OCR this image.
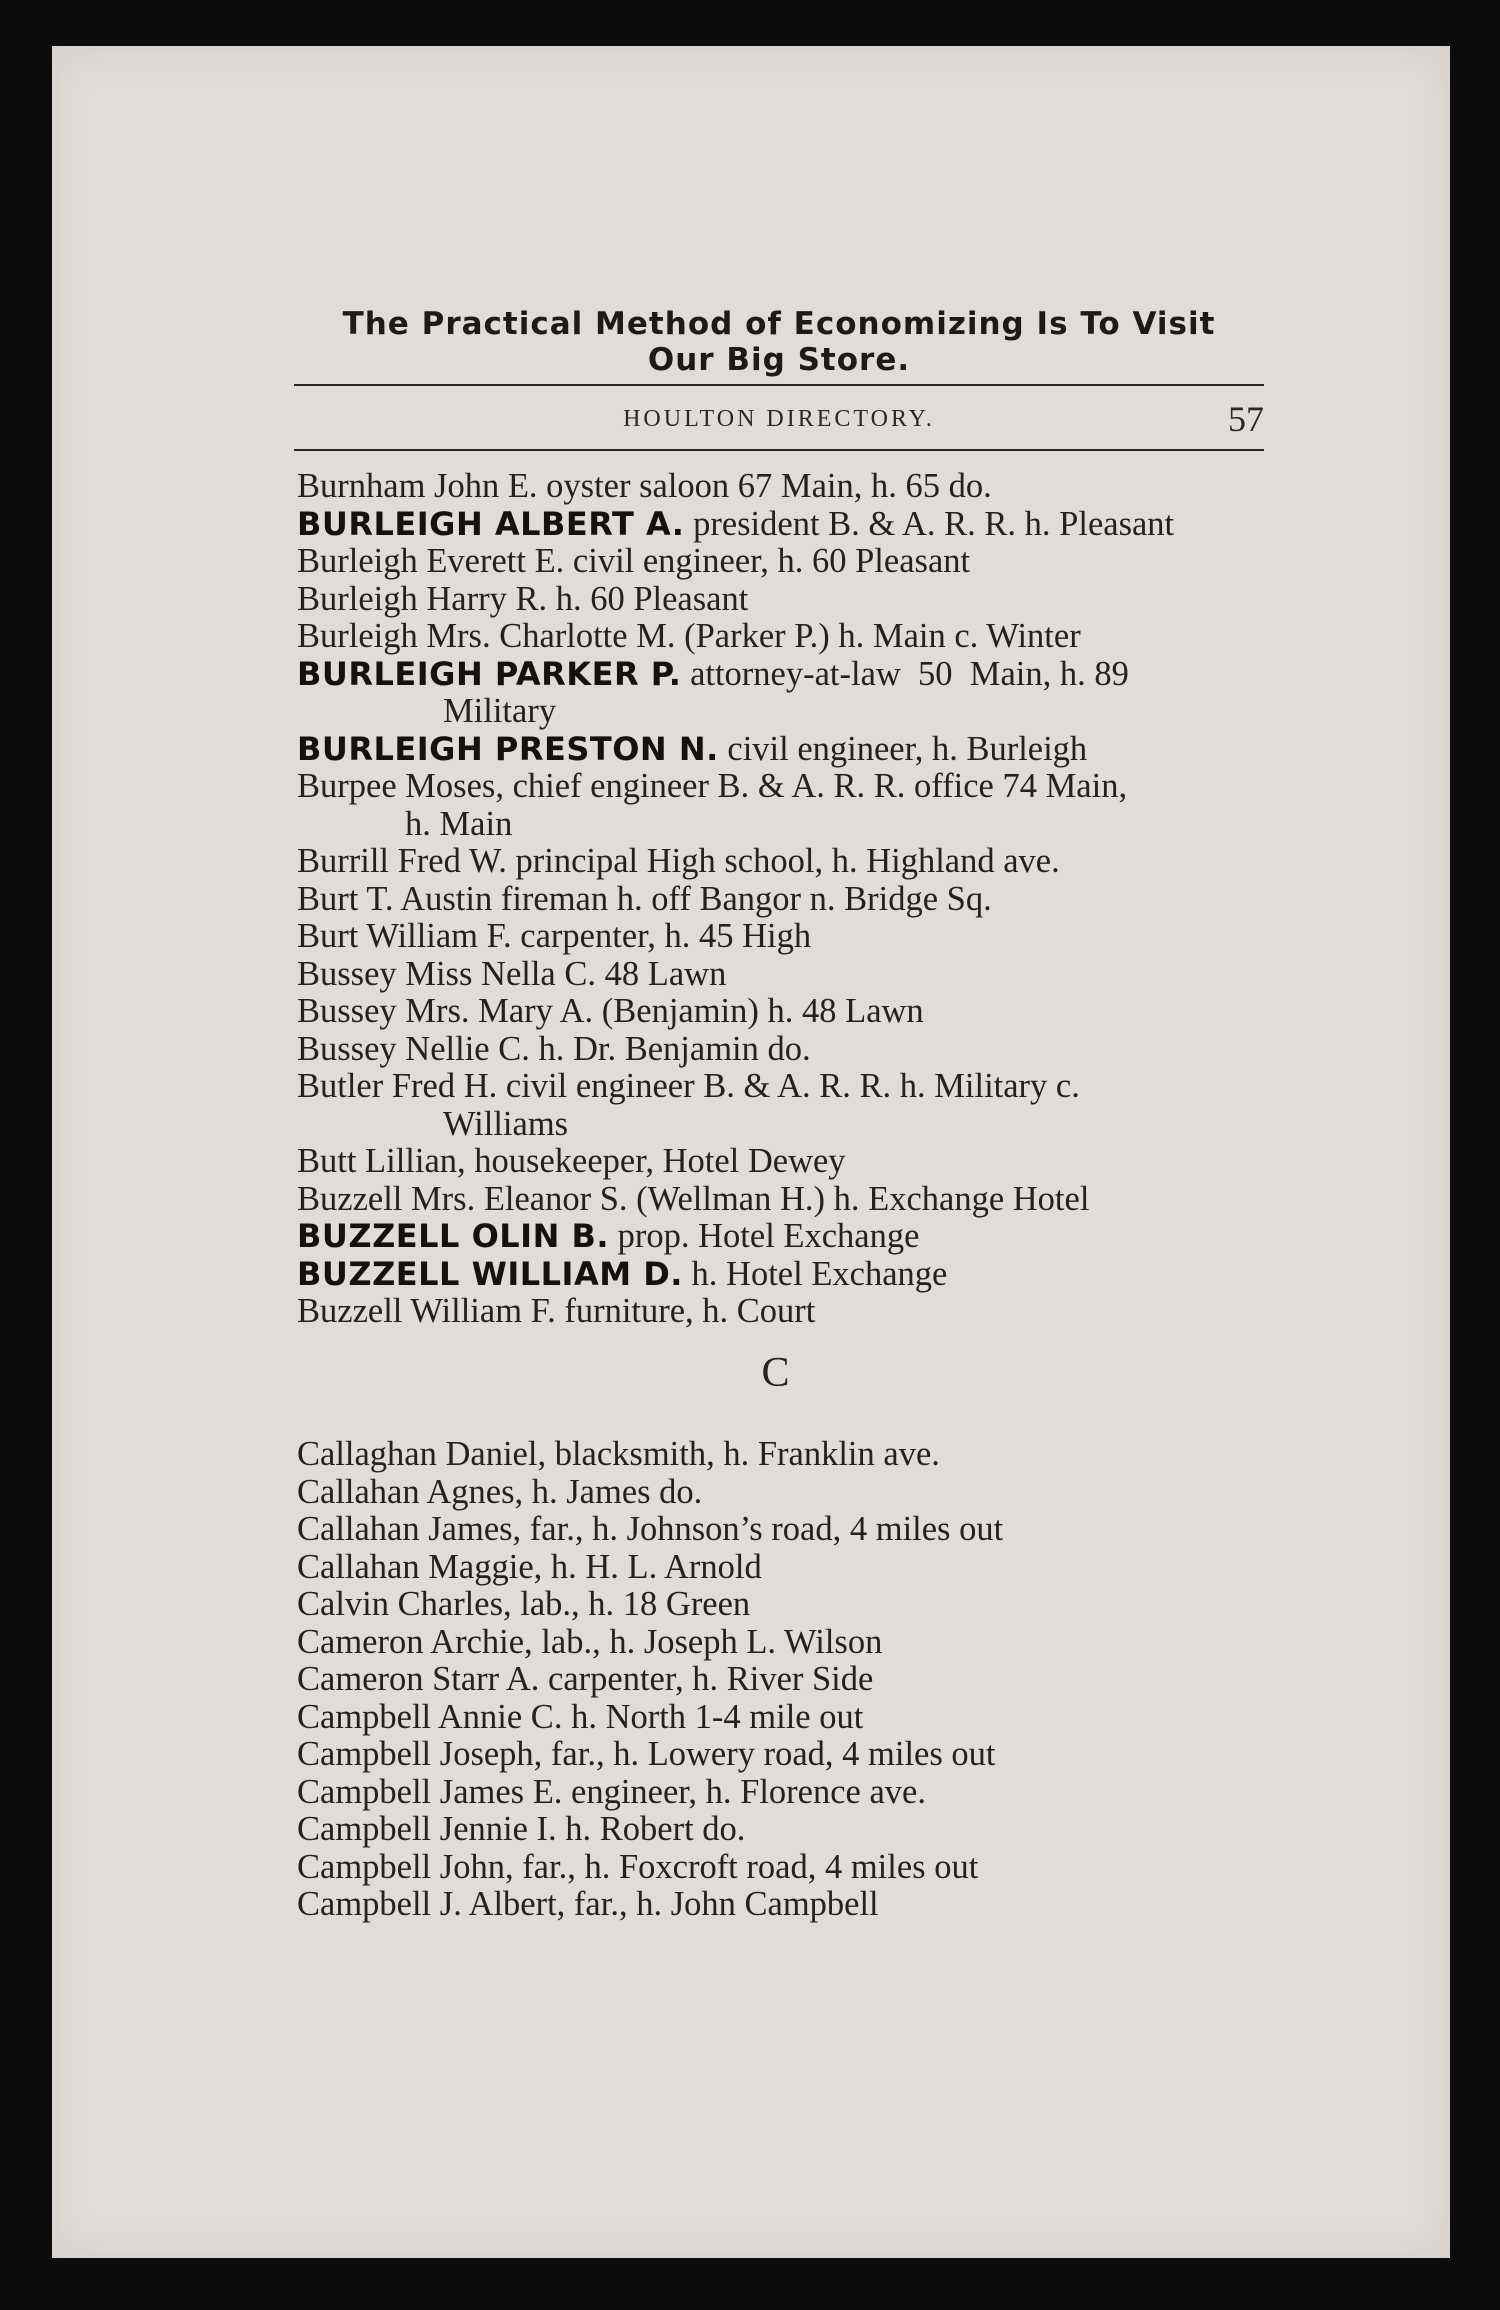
The Practical Method of Economizing Is To Visit

Our Big Store.

HOULTON DIRECTORY.	57

Burnham John E. oyster saloon 67 Main, h. 65 do.

BURLEIGH ALBERT A. president B. & A. R. R. h. Pleasant

Burleigh Everett E. civil engineer, h. 60 Pleasant

Burleigh Harry R. h. 60 Pleasant

Burleigh Mrs. Charlotte M. (Parker P.) h. Main c. Winter

BURLEIGH PARKER P. attorney-at-law  50  Main, h. 89

Military

BURLEIGH PRESTON N. civil engineer, h. Burleigh

Burpee Moses, chief engineer B. & A. R. R. office 74 Main,

h. Main

Burrill Fred W. principal High school, h. Highland ave.

Burt T. Austin fireman h. off Bangor n. Bridge Sq.

Burt William F. carpenter, h. 45 High

Bussey Miss Nella C. 48 Lawn

Bussey Mrs. Mary A. (Benjamin) h. 48 Lawn

Bussey Nellie C. h. Dr. Benjamin do.

Butler Fred H. civil engineer B. & A. R. R. h. Military c.

Williams

Butt Lillian, housekeeper, Hotel Dewey

Buzzell Mrs. Eleanor S. (Wellman H.) h. Exchange Hotel

BUZZELL OLIN B. prop. Hotel Exchange

BUZZELL WILLIAM D. h. Hotel Exchange

Buzzell William F. furniture, h. Court

C

Callaghan Daniel, blacksmith, h. Franklin ave.

Callahan Agnes, h. James do.

Callahan James, far., h. Johnson’s road, 4 miles out

Callahan Maggie, h. H. L. Arnold

Calvin Charles, lab., h. 18 Green

Cameron Archie, lab., h. Joseph L. Wilson

Cameron Starr A. carpenter, h. River Side

Campbell Annie C. h. North 1-4 mile out

Campbell Joseph, far., h. Lowery road, 4 miles out

Campbell James E. engineer, h. Florence ave.

Campbell Jennie I. h. Robert do.

Campbell John, far., h. Foxcroft road, 4 miles out

Campbell J. Albert, far., h. John Campbell
